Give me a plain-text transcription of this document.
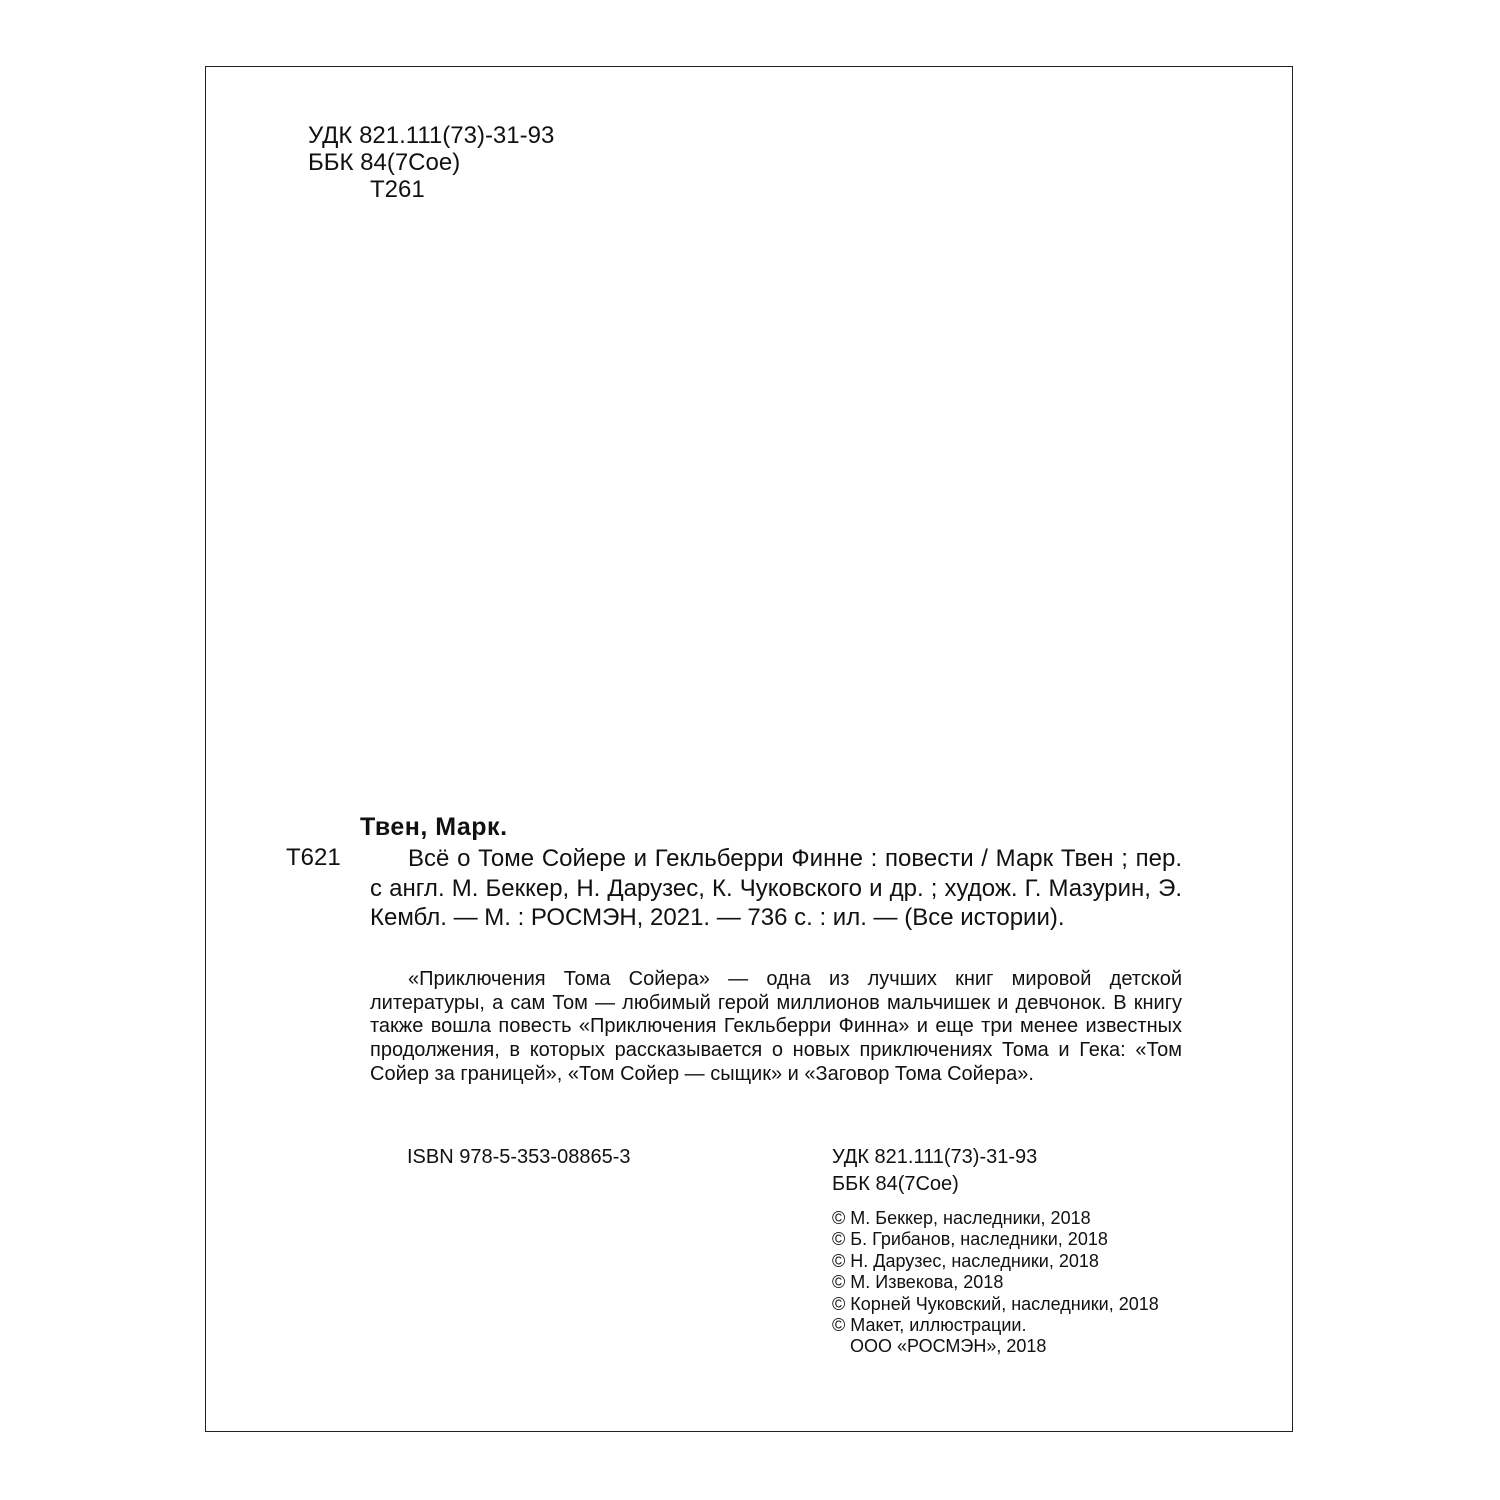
УДК 821.111(73)-31-93
ББК 84(7Сое)
Т261
Твен, Марк.
Т621	Всё о Томе Сойере и Гекльберри Финне : повести / Марк Твен ; пер. с англ. М. Беккер, Н. Дарузес, К. Чуковского и др. ; худож. Г. Мазурин, Э. Кембл. — М. : РОСМЭН, 2021. — 736 с. : ил. — (Все истории).

«Приключения Тома Сойера» — одна из лучших книг мировой детской литературы, а сам Том — любимый герой миллионов мальчишек и девчонок. В книгу также вошла повесть «Приключения Гекльберри Финна» и еще три менее известных продолжения, в которых рассказывается о новых приключениях Тома и Гека: «Том Сойер за границей», «Том Сойер — сыщик» и «Заговор Тома Сойера».

ISBN 978-5-353-08865-3	УДК 821.111(73)-31-93
ББК 84(7Сое)
© М. Беккер, наследники, 2018
© Б. Грибанов, наследники, 2018
© Н. Дарузес, наследники, 2018
© М. Извекова, 2018
© Корней Чуковский, наследники, 2018
© Макет, иллюстрации.
ООО «РОСМЭН», 2018
